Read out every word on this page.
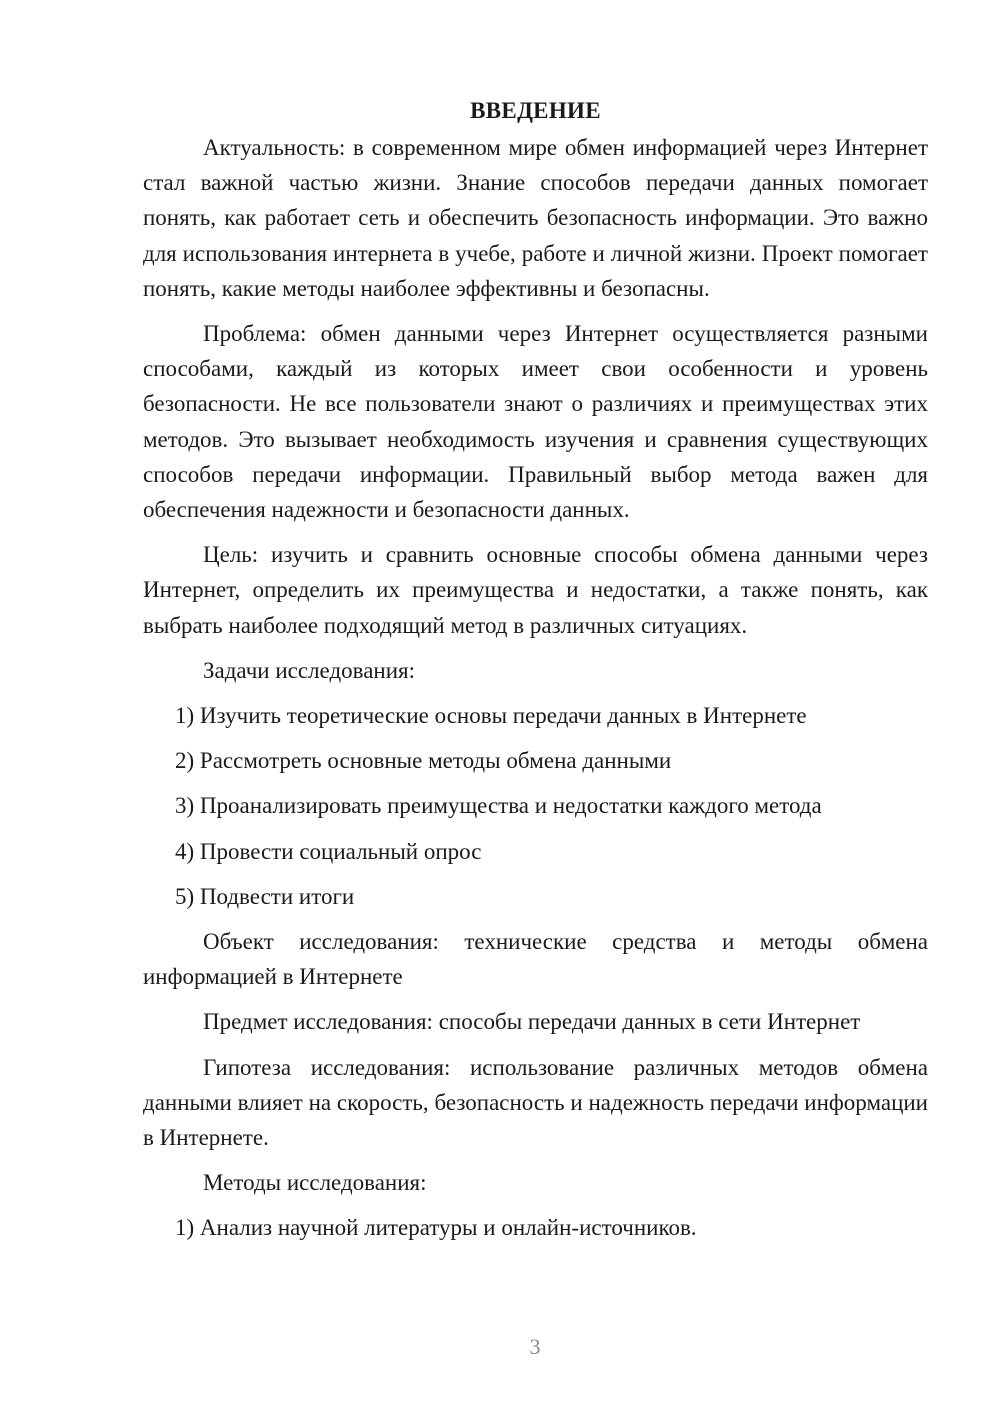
ВВЕДЕНИЕ

Актуальность: в современном мире обмен информацией через Интернет стал важной частью жизни. Знание способов передачи данных помогает понять, как работает сеть и обеспечить безопасность информации. Это важно для использования интернета в учебе, работе и личной жизни. Проект помогает понять, какие методы наиболее эффективны и безопасны.

Проблема: обмен данными через Интернет осуществляется разными способами, каждый из которых имеет свои особенности и уровень безопасности. Не все пользователи знают о различиях и преимуществах этих методов. Это вызывает необходимость изучения и сравнения существующих способов передачи информации. Правильный выбор метода важен для обеспечения надежности и безопасности данных.

Цель: изучить и сравнить основные способы обмена данными через Интернет, определить их преимущества и недостатки, а также понять, как выбрать наиболее подходящий метод в различных ситуациях.

Задачи исследования:

1) Изучить теоретические основы передачи данных в Интернете

2) Рассмотреть основные методы обмена данными

3) Проанализировать преимущества и недостатки каждого метода

4) Провести социальный опрос

5) Подвести итоги

Объект исследования: технические средства и методы обмена информацией в Интернете

Предмет исследования: способы передачи данных в сети Интернет

Гипотеза исследования: использование различных методов обмена данными влияет на скорость, безопасность и надежность передачи информации в Интернете.

Методы исследования:

1) Анализ научной литературы и онлайн-источников.

3
